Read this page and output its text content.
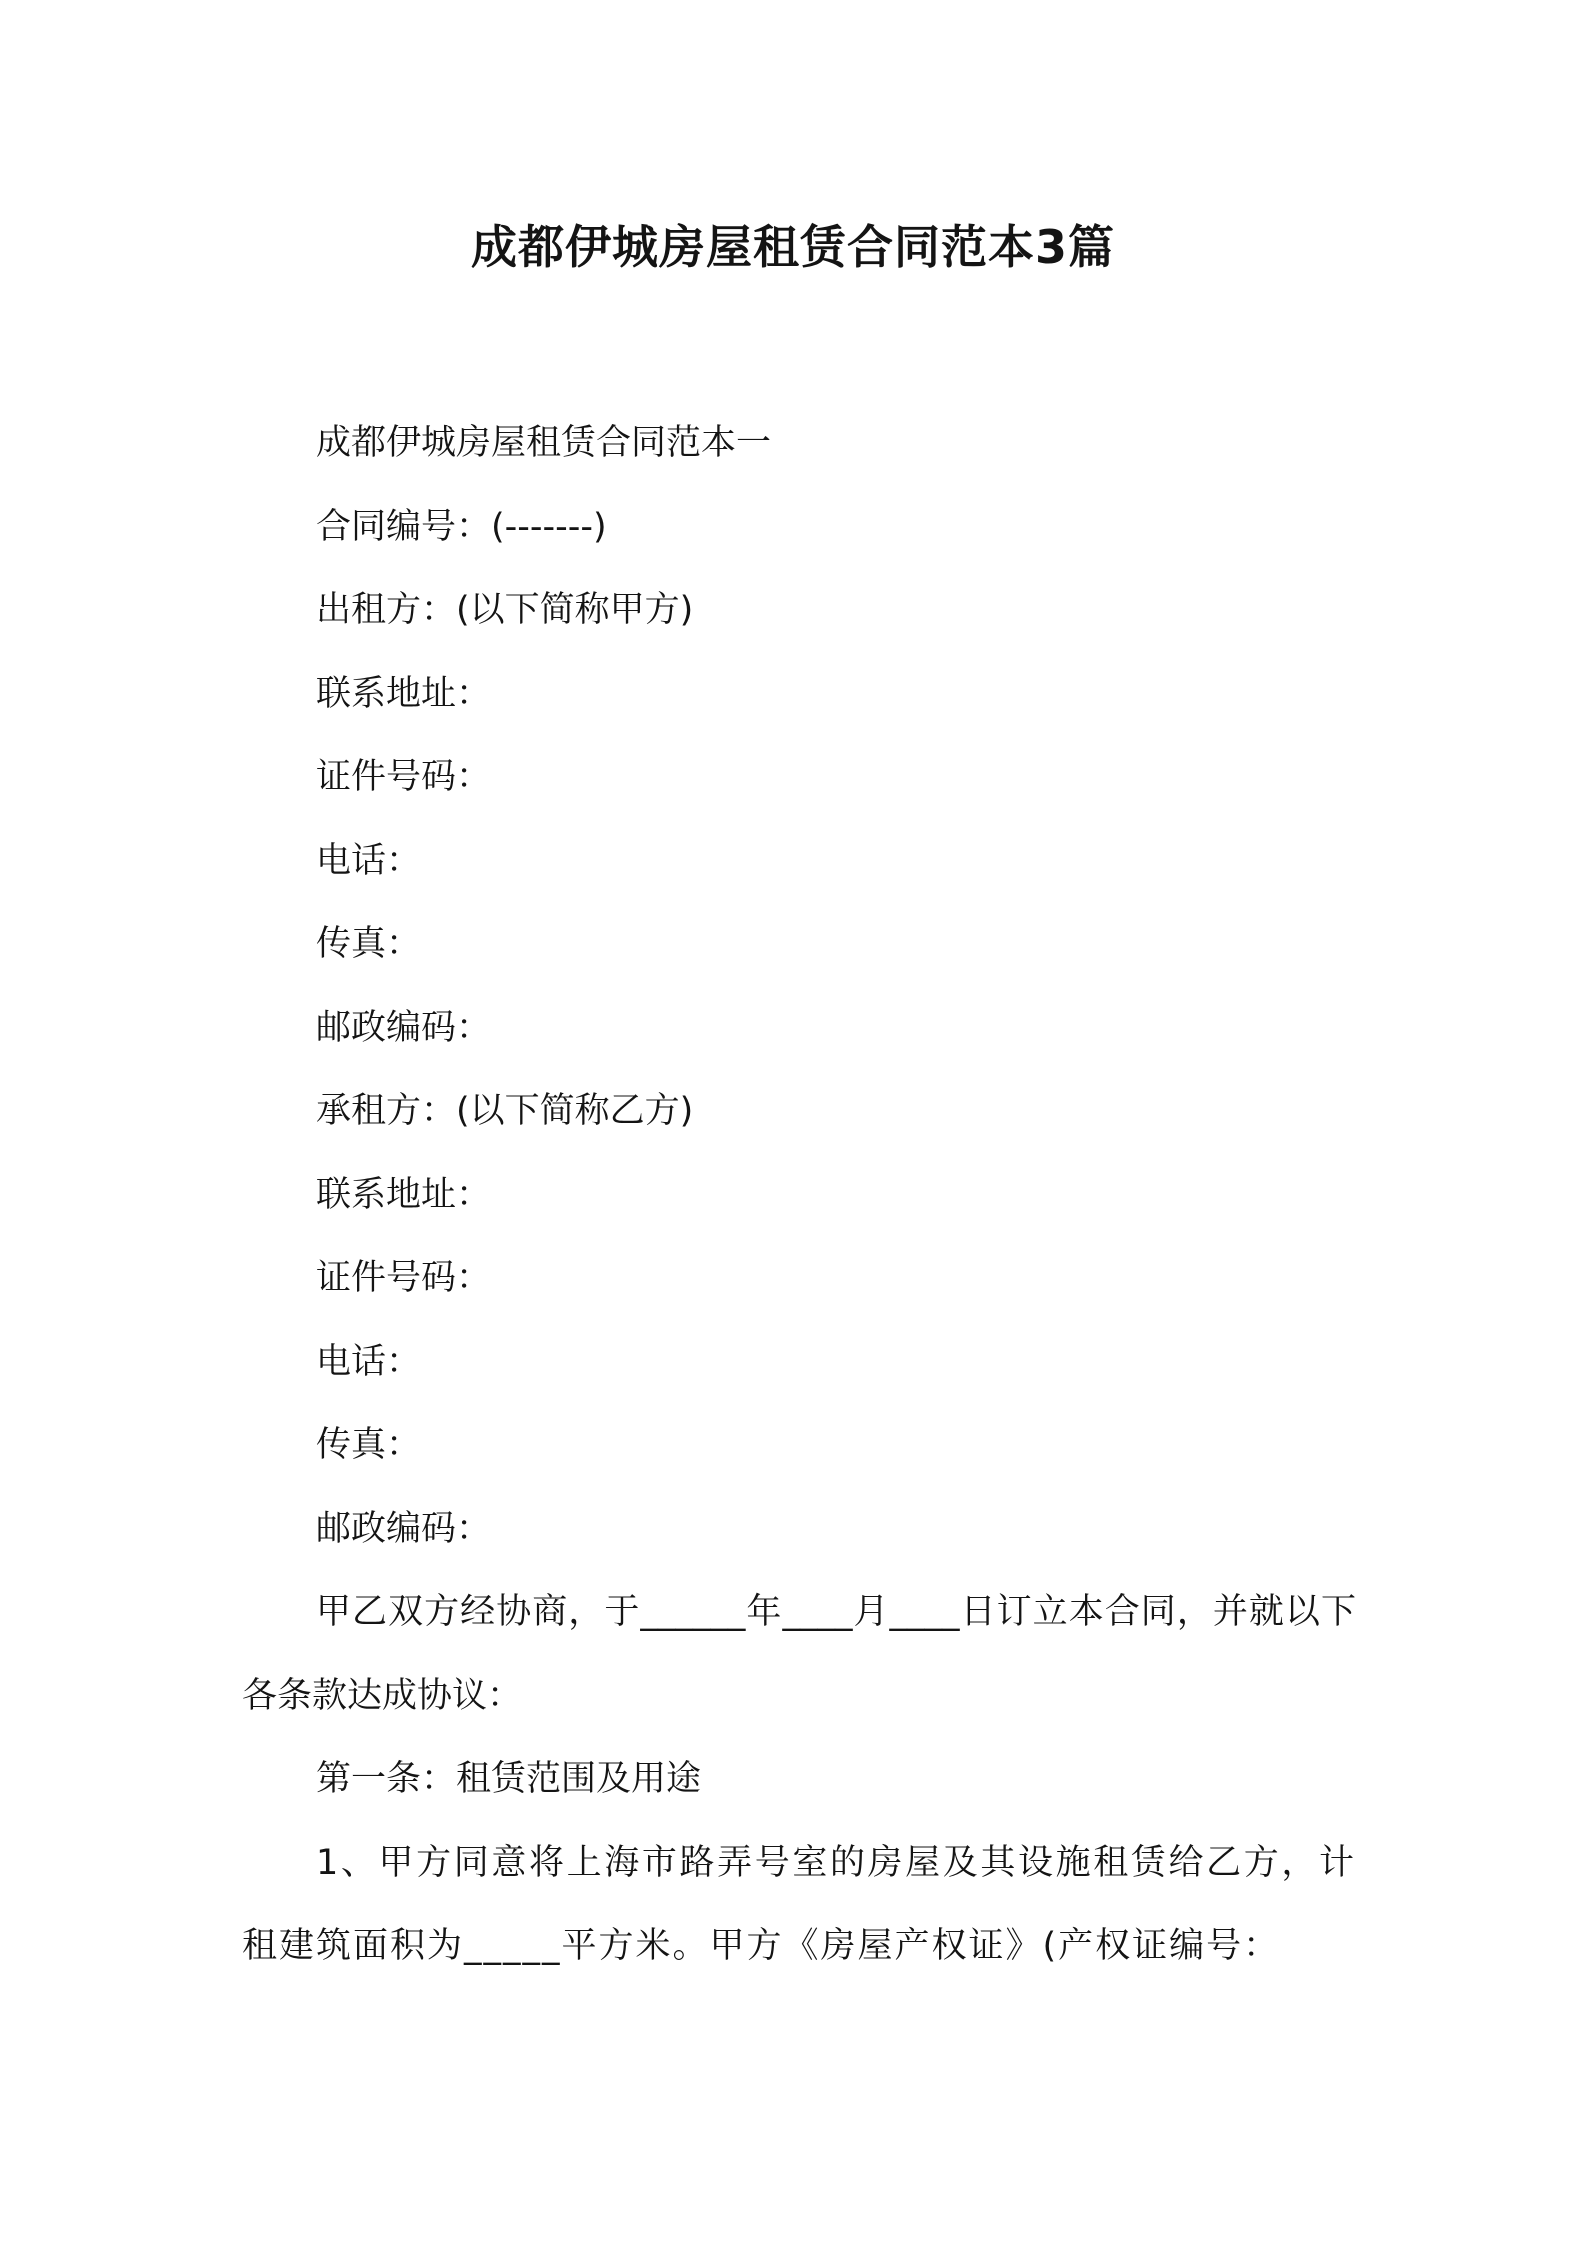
成都伊城房屋租赁合同范本3篇

成都伊城房屋租赁合同范本一

合同编号：(-------)

出租方：(以下简称甲方)

联系地址：

证件号码：

电话：

传真：

邮政编码：

承租方：(以下简称乙方)

联系地址：

证件号码：

电话：

传真：

邮政编码：

甲乙双方经协商，于______年____月____日订立本合同，并就以下各条款达成协议：

第一条：租赁范围及用途

1、甲方同意将上海市路弄号室的房屋及其设施租赁给乙方，计租建筑面积为_____平方米。甲方《房屋产权证》(产权证编号：
